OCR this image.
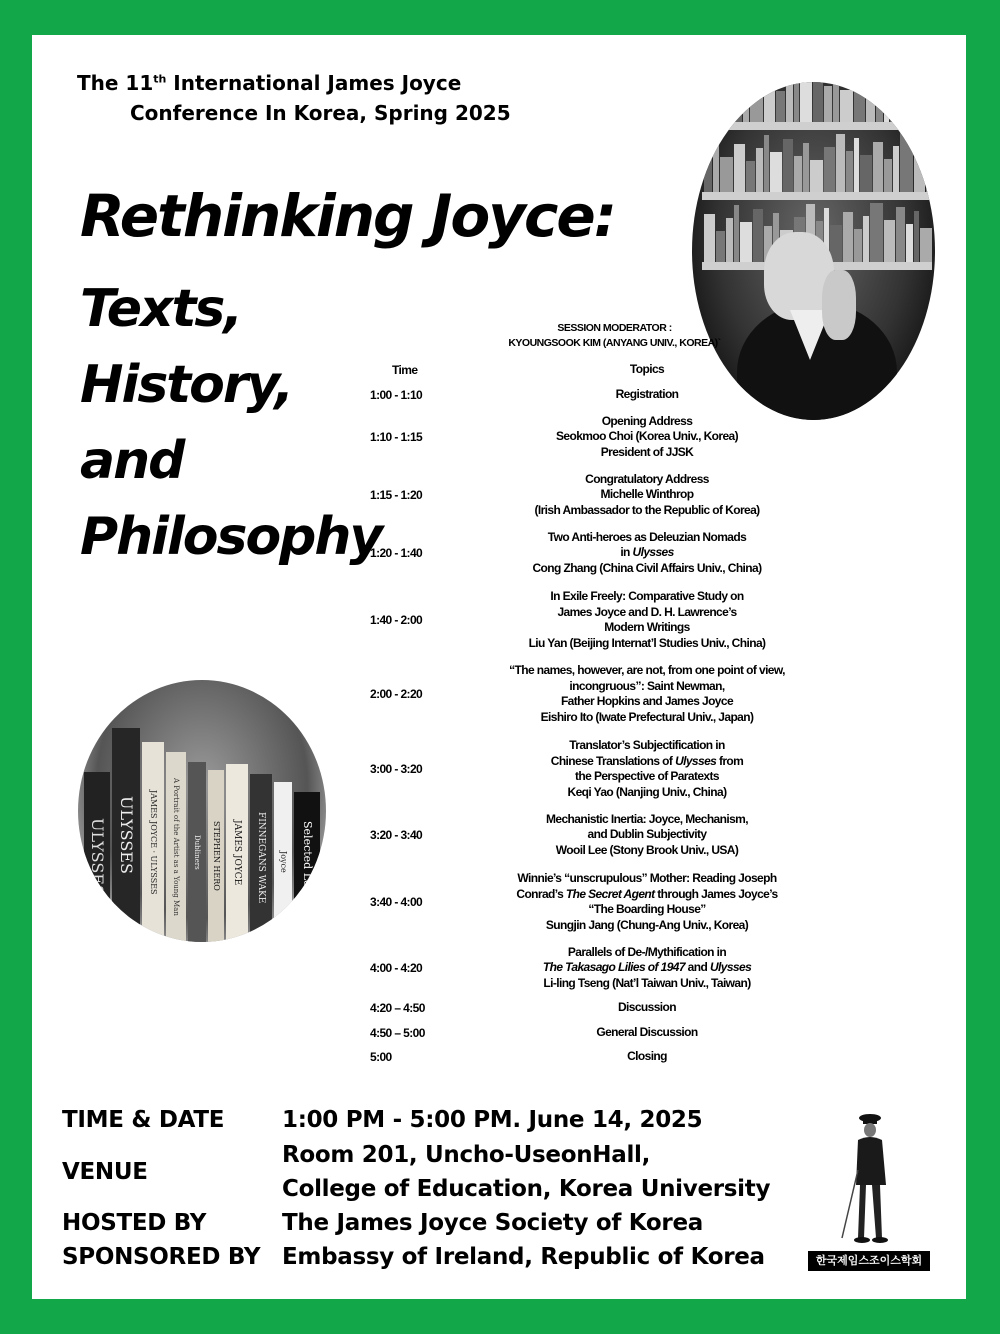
The 11th International James Joyce
Conference In Korea, Spring 2025
Rethinking Joyce:
Texts,
History,
and
Philosophy
ULYSSES ULYSSES	JAMES JOYCE · ULYSSES	A Portrait of the Artist as a Young Man	Dubliners	STEPHEN HERO	JAMES JOYCE	FINNEGANS WAKE	Joyce	Selected Letters
SESSION MODERATOR :
KYOUNGSOOK KIM (ANYANG UNIV., KOREA)`
Time	Topics
1:00 - 1:10	Registration
1:10 - 1:15
Opening Address
Seokmoo Choi (Korea Univ., Korea)
President of JJSK
1:15 - 1:20
Congratulatory Address
Michelle Winthrop
(Irish Ambassador to the Republic of Korea)
1:20 - 1:40
Two Anti-heroes as Deleuzian Nomads
in Ulysses
Cong Zhang (China Civil Affairs Univ., China)
1:40 - 2:00
In Exile Freely: Comparative Study on
James Joyce and D. H. Lawrence’s
Modern Writings
Liu Yan (Beijing Internat’l Studies Univ., China)
2:00 - 2:20
“The names, however, are not, from one point of view,
incongruous”: Saint Newman,
Father Hopkins and James Joyce
Eishiro Ito (Iwate Prefectural Univ., Japan)
3:00 - 3:20
Translator’s Subjectification in
Chinese Translations of Ulysses from
the Perspective of Paratexts
Keqi Yao (Nanjing Univ., China)
3:20 - 3:40
Mechanistic Inertia: Joyce, Mechanism,
and Dublin Subjectivity
Wooil Lee (Stony Brook Univ., USA)
3:40 - 4:00
Winnie’s “unscrupulous” Mother: Reading Joseph
Conrad’s The Secret Agent through James Joyce’s
“The Boarding House”
Sungjin Jang (Chung-Ang Univ., Korea)
4:00 - 4:20
Parallels of De-/Mythification in
The Takasago Lilies of 1947 and Ulysses
Li-ling Tseng (Nat’l Taiwan Univ., Taiwan)
4:20 – 4:50	Discussion
4:50 – 5:00	General Discussion
5:00	Closing
TIME & DATE	1:00 PM - 5:00 PM. June 14, 2025
VENUE
Room 201, Uncho-UseonHall,
College of Education, Korea University
HOSTED BY	The James Joyce Society of Korea
SPONSORED BY Embassy of Ireland, Republic of Korea	한국제임스조이스학회
